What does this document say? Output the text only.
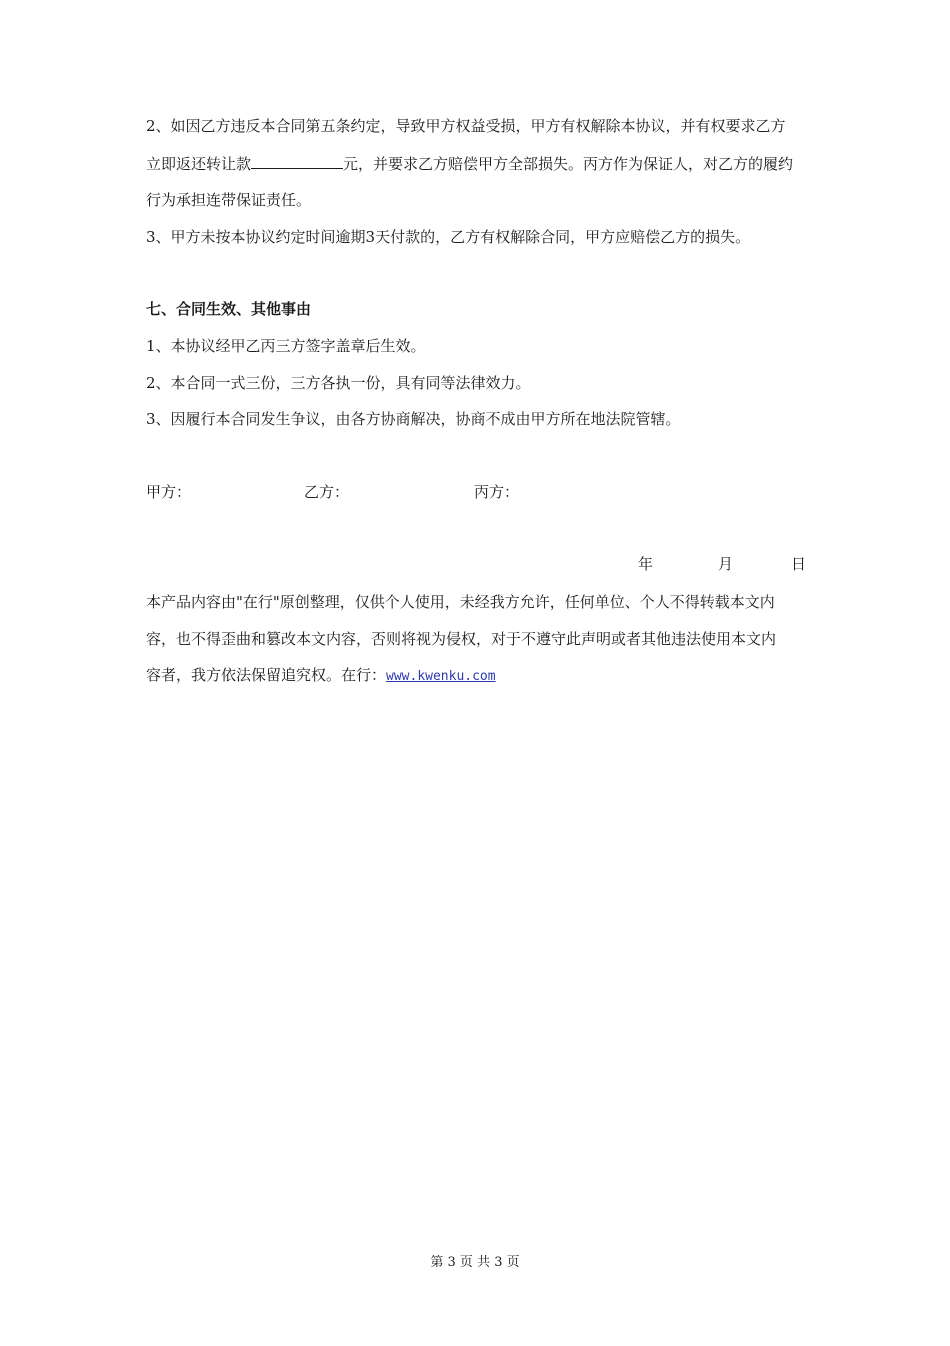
2、如因乙方违反本合同第五条约定，导致甲方权益受损，甲方有权解除本协议，并有权要求乙方
立即返还转让款	元，并要求乙方赔偿甲方全部损失。丙方作为保证人，对乙方的履约
行为承担连带保证责任。
3、甲方未按本协议约定时间逾期3天付款的，乙方有权解除合同，甲方应赔偿乙方的损失。
七、合同生效、其他事由
1、本协议经甲乙丙三方签字盖章后生效。
2、本合同一式三份，三方各执一份，具有同等法律效力。
3、因履行本合同发生争议，由各方协商解决，协商不成由甲方所在地法院管辖。
甲方：	乙方：	丙方：
年	月	日
本产品内容由"在行"原创整理，仅供个人使用，未经我方允许，任何单位、个人不得转载本文内
容，也不得歪曲和篡改本文内容，否则将视为侵权，对于不遵守此声明或者其他违法使用本文内
容者，我方依法保留追究权。在行：www.kwenku.com
第 3 页 共 3 页
